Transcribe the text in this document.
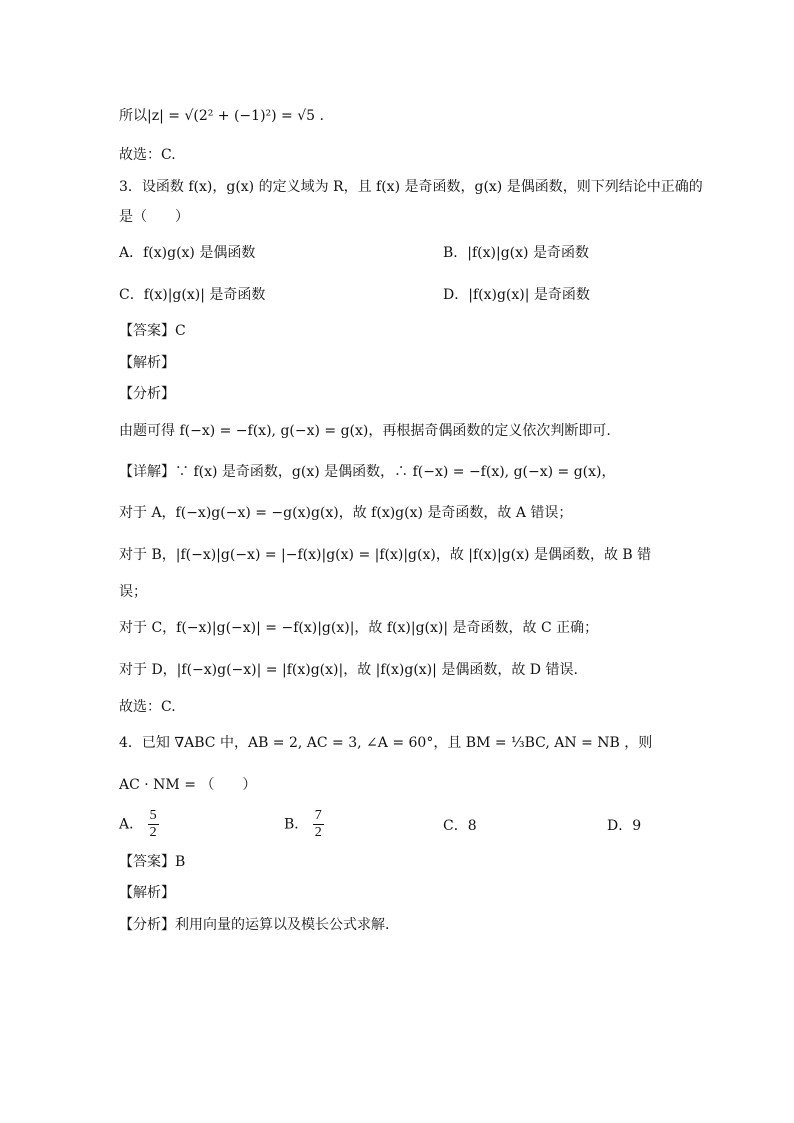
所以|z| = √(2² + (−1)²) = √5 .
故选：C.
3．设函数 f(x)，g(x) 的定义域为 R，且 f(x) 是奇函数，g(x) 是偶函数，则下列结论中正确的
是（　　）
A．f(x)g(x) 是偶函数	B．|f(x)|g(x) 是奇函数
C．f(x)|g(x)| 是奇函数	D．|f(x)g(x)| 是奇函数
【答案】C
【解析】
【分析】
由题可得 f(−x) = −f(x), g(−x) = g(x)，再根据奇偶函数的定义依次判断即可.
【详解】∵ f(x) 是奇函数，g(x) 是偶函数，∴ f(−x) = −f(x), g(−x) = g(x)，
对于 A，f(−x)g(−x) = −g(x)g(x)，故 f(x)g(x) 是奇函数，故 A 错误；
对于 B，|f(−x)|g(−x) = |−f(x)|g(x) = |f(x)|g(x)，故 |f(x)|g(x) 是偶函数，故 B 错
误；
对于 C，f(−x)|g(−x)| = −f(x)|g(x)|，故 f(x)|g(x)| 是奇函数，故 C 正确；
对于 D，|f(−x)g(−x)| = |f(x)g(x)|，故 |f(x)g(x)| 是偶函数，故 D 错误.
故选：C.
4．已知 ∇ABC 中，AB = 2, AC = 3, ∠A = 60°，且 BM = ⅓BC, AN = NB ，则
AC · NM = （　　）
A． $\frac{5}{2}$	B． $\frac{7}{2}$	C．8	D．9
【答案】B
【解析】
【分析】利用向量的运算以及模长公式求解.
